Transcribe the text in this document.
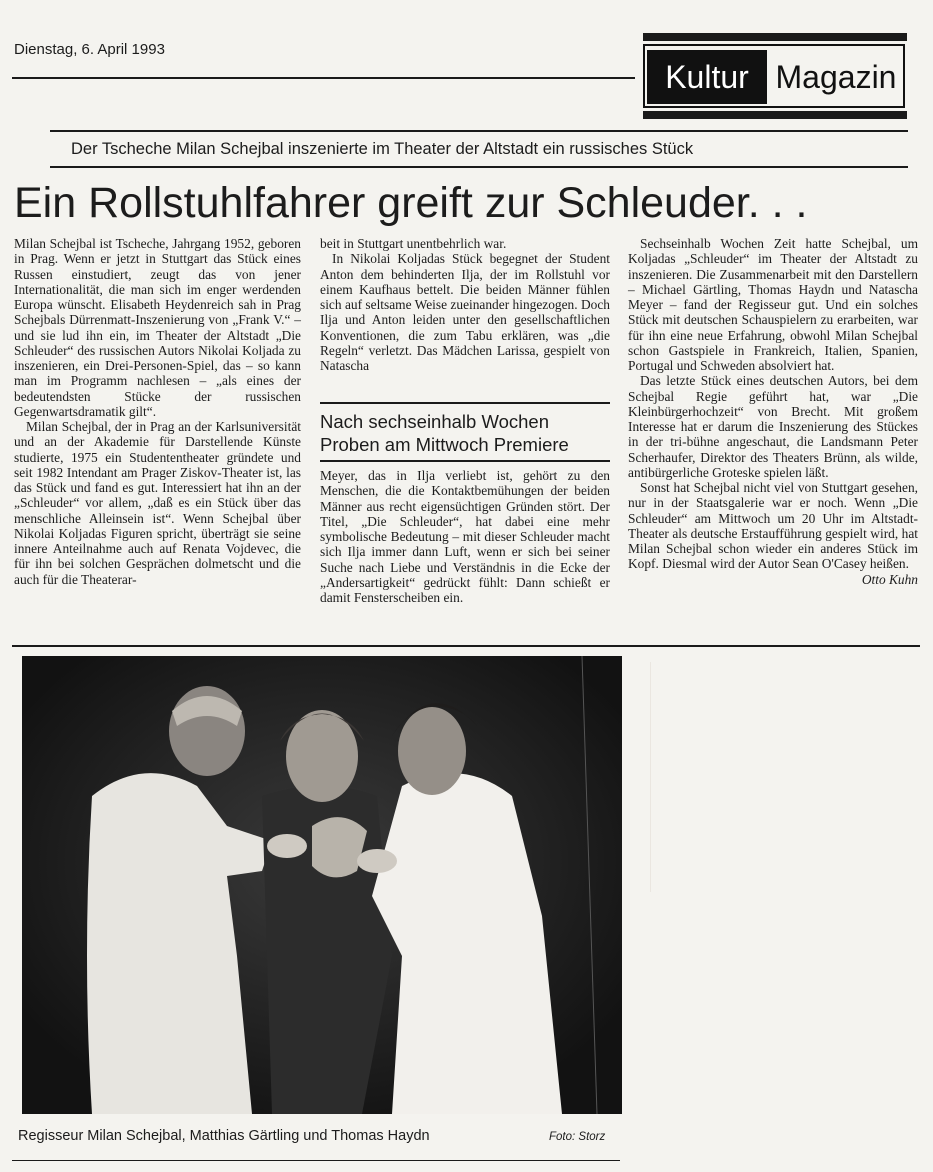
Dienstag, 6. April 1993
Kultur Magazin
Der Tscheche Milan Schejbal inszenierte im Theater der Altstadt ein russisches Stück
Ein Rollstuhlfahrer greift zur Schleuder. . .

Milan Schejbal ist Tscheche, Jahrgang 1952, geboren in Prag. Wenn er jetzt in Stuttgart das Stück eines Russen einstudiert, zeugt das von jener Internationalität, die man sich im enger werdenden Europa wünscht. Elisabeth Heydenreich sah in Prag Schejbals Dürrenmatt-Inszenierung von „Frank V.“ – und sie lud ihn ein, im Theater der Altstadt „Die Schleuder“ des russischen Autors Nikolai Koljada zu inszenieren, ein Drei-Personen-Spiel, das – so kann man im Programm nachlesen – „als eines der bedeutendsten Stücke der russischen Gegenwartsdramatik gilt“.

Milan Schejbal, der in Prag an der Karlsuniversität und an der Akademie für Darstellende Künste studierte, 1975 ein Studententheater gründete und seit 1982 Intendant am Prager Ziskov-Theater ist, las das Stück und fand es gut. Interessiert hat ihn an der „Schleuder“ vor allem, „daß es ein Stück über das menschliche Alleinsein ist“. Wenn Schejbal über Nikolai Koljadas Figuren spricht, überträgt sie seine innere Anteilnahme auch auf Renata Vojdevec, die für ihn bei solchen Gesprächen dolmetscht und die auch für die Theaterar-

beit in Stuttgart unentbehrlich war.

In Nikolai Koljadas Stück begegnet der Student Anton dem behinderten Ilja, der im Rollstuhl vor einem Kaufhaus bettelt. Die beiden Männer fühlen sich auf seltsame Weise zueinander hingezogen. Doch Ilja und Anton leiden unter den gesellschaftlichen Konventionen, die zum Tabu erklären, was „die Regeln“ verletzt. Das Mädchen Larissa, gespielt von Natascha

Nach sechseinhalb Wochen
Proben am Mittwoch Premiere

Meyer, das in Ilja verliebt ist, gehört zu den Menschen, die die Kontaktbemühungen der beiden Männer aus recht eigensüchtigen Gründen stört. Der Titel, „Die Schleuder“, hat dabei eine mehr symbolische Bedeutung – mit dieser Schleuder macht sich Ilja immer dann Luft, wenn er sich bei seiner Suche nach Liebe und Verständnis in die Ecke der „Andersartigkeit“ gedrückt fühlt: Dann schießt er damit Fensterscheiben ein.

Sechseinhalb Wochen Zeit hatte Schejbal, um Koljadas „Schleuder“ im Theater der Altstadt zu inszenieren. Die Zusammenarbeit mit den Darstellern – Michael Gärtling, Thomas Haydn und Natascha Meyer – fand der Regisseur gut. Und ein solches Stück mit deutschen Schauspielern zu erarbeiten, war für ihn eine neue Erfahrung, obwohl Milan Schejbal schon Gastspiele in Frankreich, Italien, Spanien, Portugal und Schweden absolviert hat.

Das letzte Stück eines deutschen Autors, bei dem Schejbal Regie geführt hat, war „Die Kleinbürgerhochzeit“ von Brecht. Mit großem Interesse hat er darum die Inszenierung des Stückes in der tri-bühne angeschaut, die Landsmann Peter Scherhaufer, Direktor des Theaters Brünn, als wilde, antibürgerliche Groteske spielen läßt.

Sonst hat Schejbal nicht viel von Stuttgart gesehen, nur in der Staatsgalerie war er noch. Wenn „Die Schleuder“ am Mittwoch um 20 Uhr im Altstadt-Theater als deutsche Erstaufführung gespielt wird, hat Milan Schejbal schon wieder ein anderes Stück im Kopf. Diesmal wird der Autor Sean O'Casey heißen.

Otto Kuhn
Regisseur Milan Schejbal, Matthias Gärtling und Thomas Haydn	Foto: Storz
